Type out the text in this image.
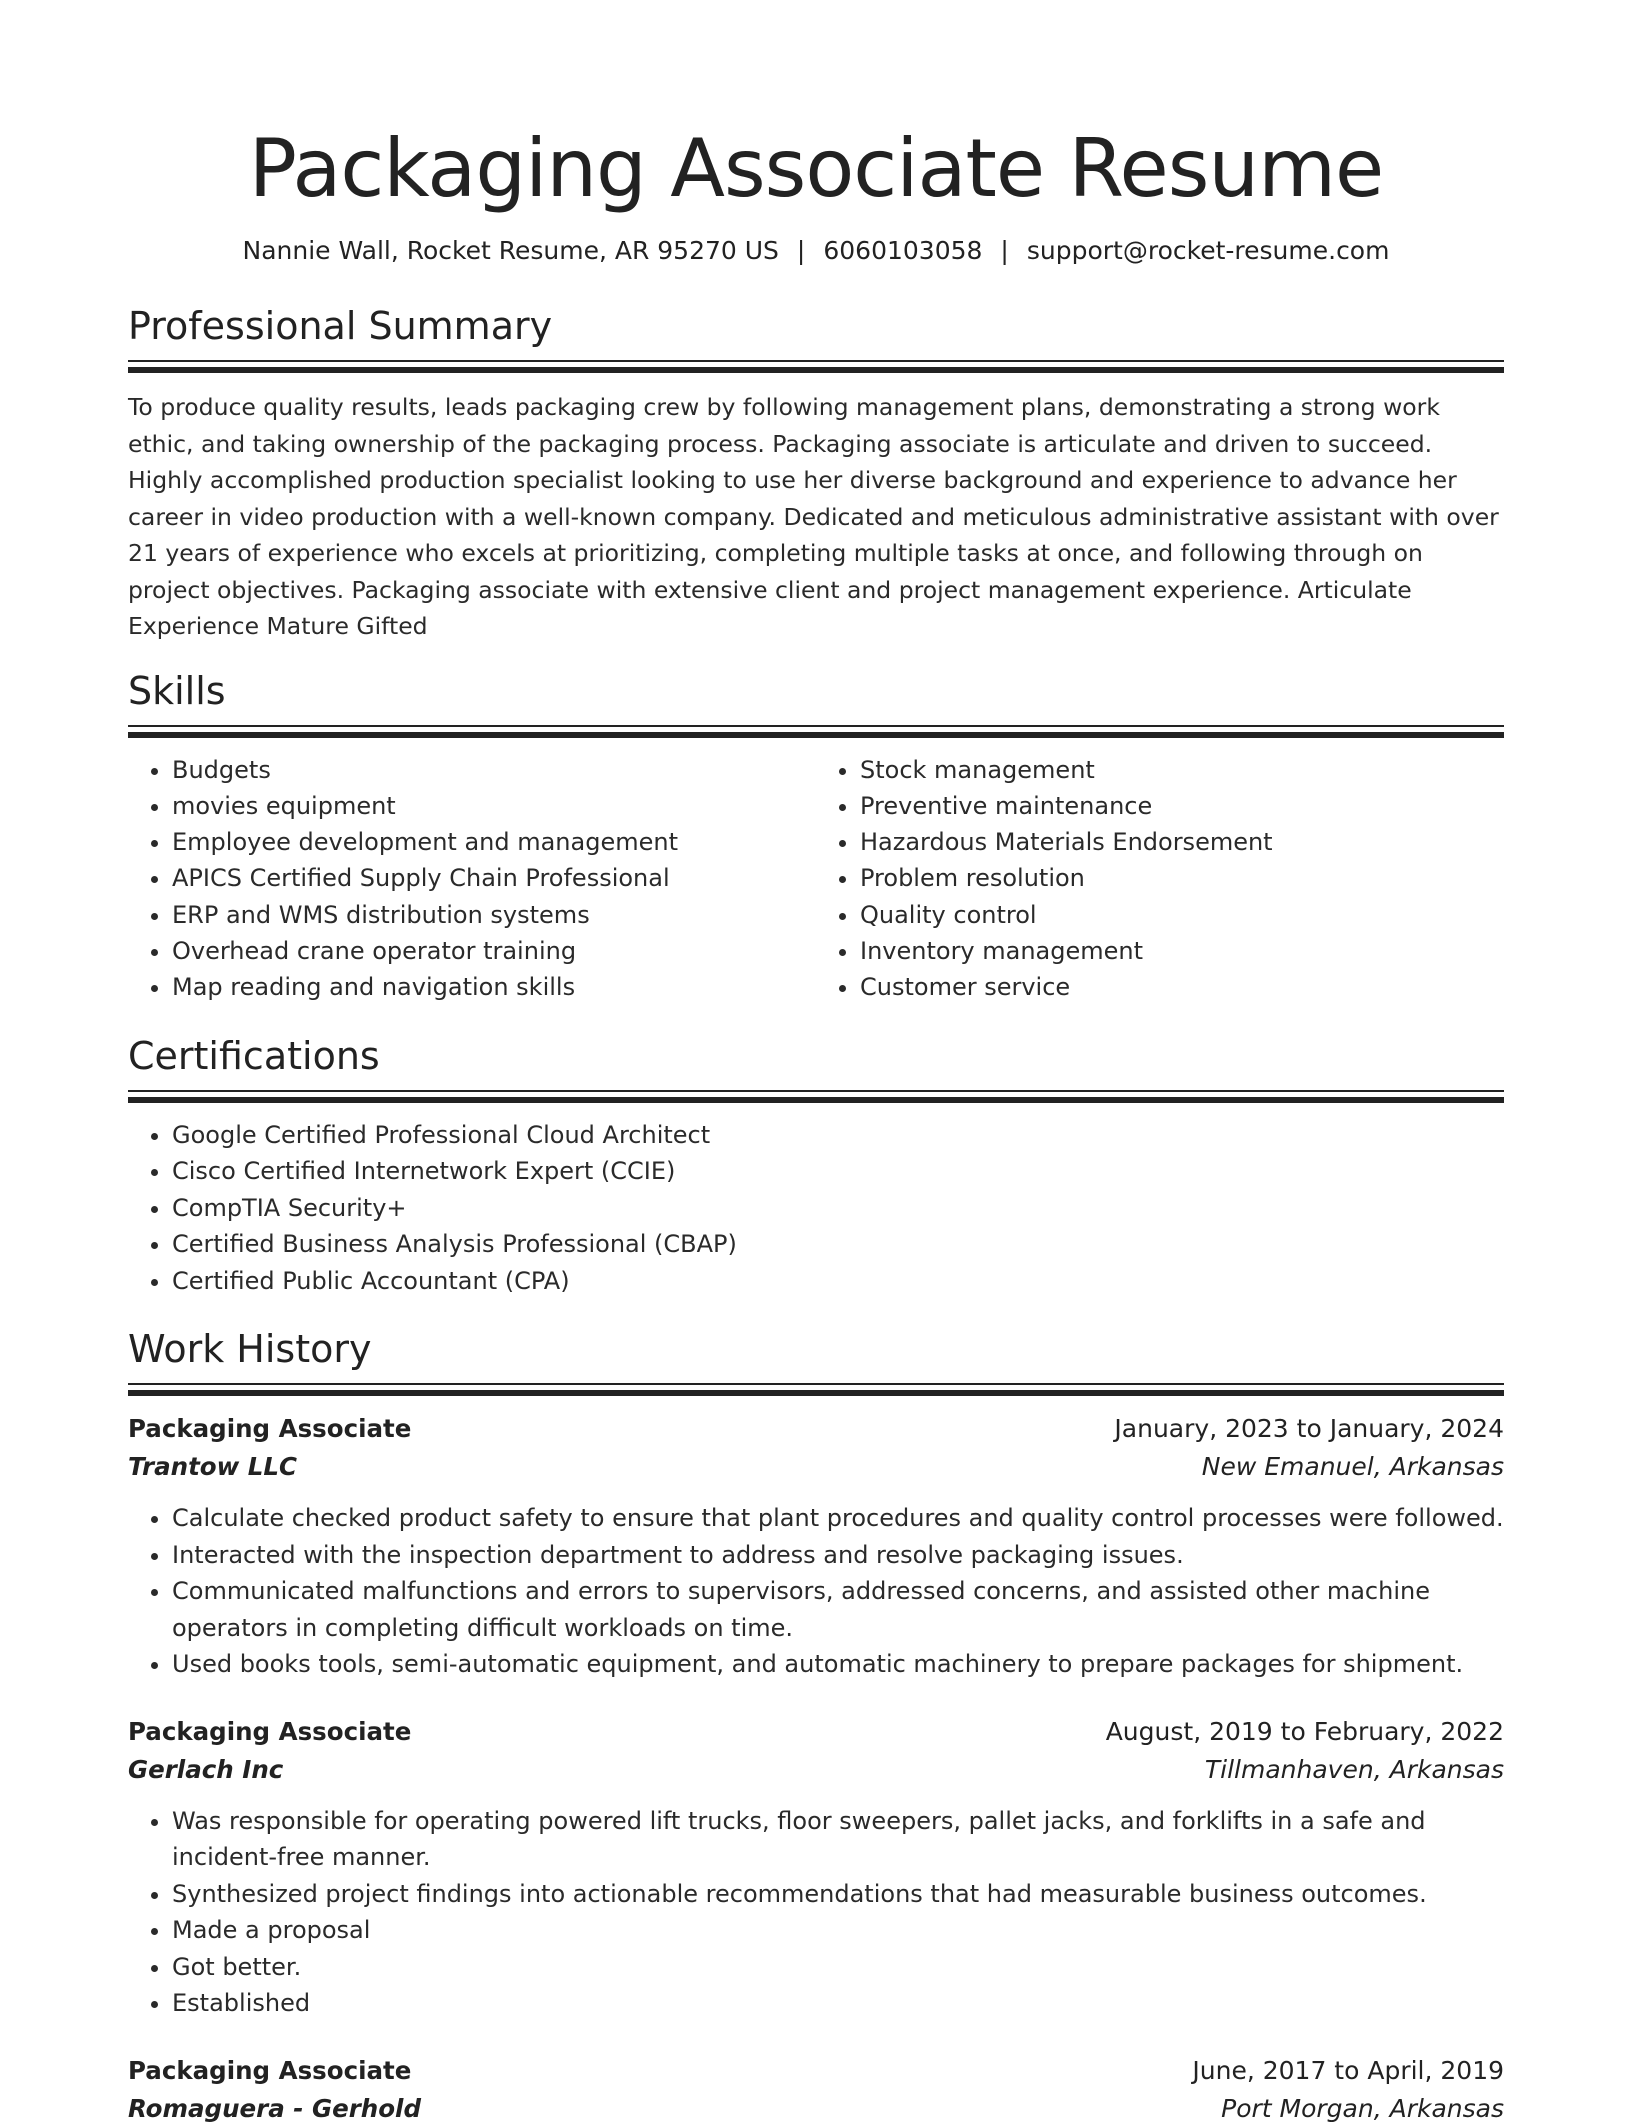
Packaging Associate Resume
Nannie Wall, Rocket Resume, AR 95270 US | 6060103058 | support@rocket-resume.com
Professional Summary

To produce quality results, leads packaging crew by following management plans, demonstrating a strong work ethic, and taking ownership of the packaging process. Packaging associate is articulate and driven to succeed. Highly accomplished production specialist looking to use her diverse background and experience to advance her career in video production with a well-known company. Dedicated and meticulous administrative assistant with over 21 years of experience who excels at prioritizing, completing multiple tasks at once, and following through on project objectives. Packaging associate with extensive client and project management experience. Articulate Experience Mature Gifted

Skills
• Budgets
• movies equipment
• Employee development and management
• APICS Certified Supply Chain Professional
• ERP and WMS distribution systems
• Overhead crane operator training
• Map reading and navigation skills
• Stock management
• Preventive maintenance
• Hazardous Materials Endorsement
• Problem resolution
• Quality control
• Inventory management
• Customer service
Certifications
• Google Certified Professional Cloud Architect
• Cisco Certified Internetwork Expert (CCIE)
• CompTIA Security+
• Certified Business Analysis Professional (CBAP)
• Certified Public Accountant (CPA)
Work History
Packaging Associate	January, 2023 to January, 2024
Trantow LLC	New Emanuel, Arkansas
• Calculate checked product safety to ensure that plant procedures and quality control processes were followed.
• Interacted with the inspection department to address and resolve packaging issues.
• Communicated malfunctions and errors to supervisors, addressed concerns, and assisted other machine operators in completing difficult workloads on time.
• Used books tools, semi-automatic equipment, and automatic machinery to prepare packages for shipment.
Packaging Associate	August, 2019 to February, 2022
Gerlach Inc	Tillmanhaven, Arkansas
• Was responsible for operating powered lift trucks, floor sweepers, pallet jacks, and forklifts in a safe and incident-free manner.
• Synthesized project findings into actionable recommendations that had measurable business outcomes.
• Made a proposal
• Got better.
• Established
Packaging Associate	June, 2017 to April, 2019
Romaguera - Gerhold	Port Morgan, Arkansas
